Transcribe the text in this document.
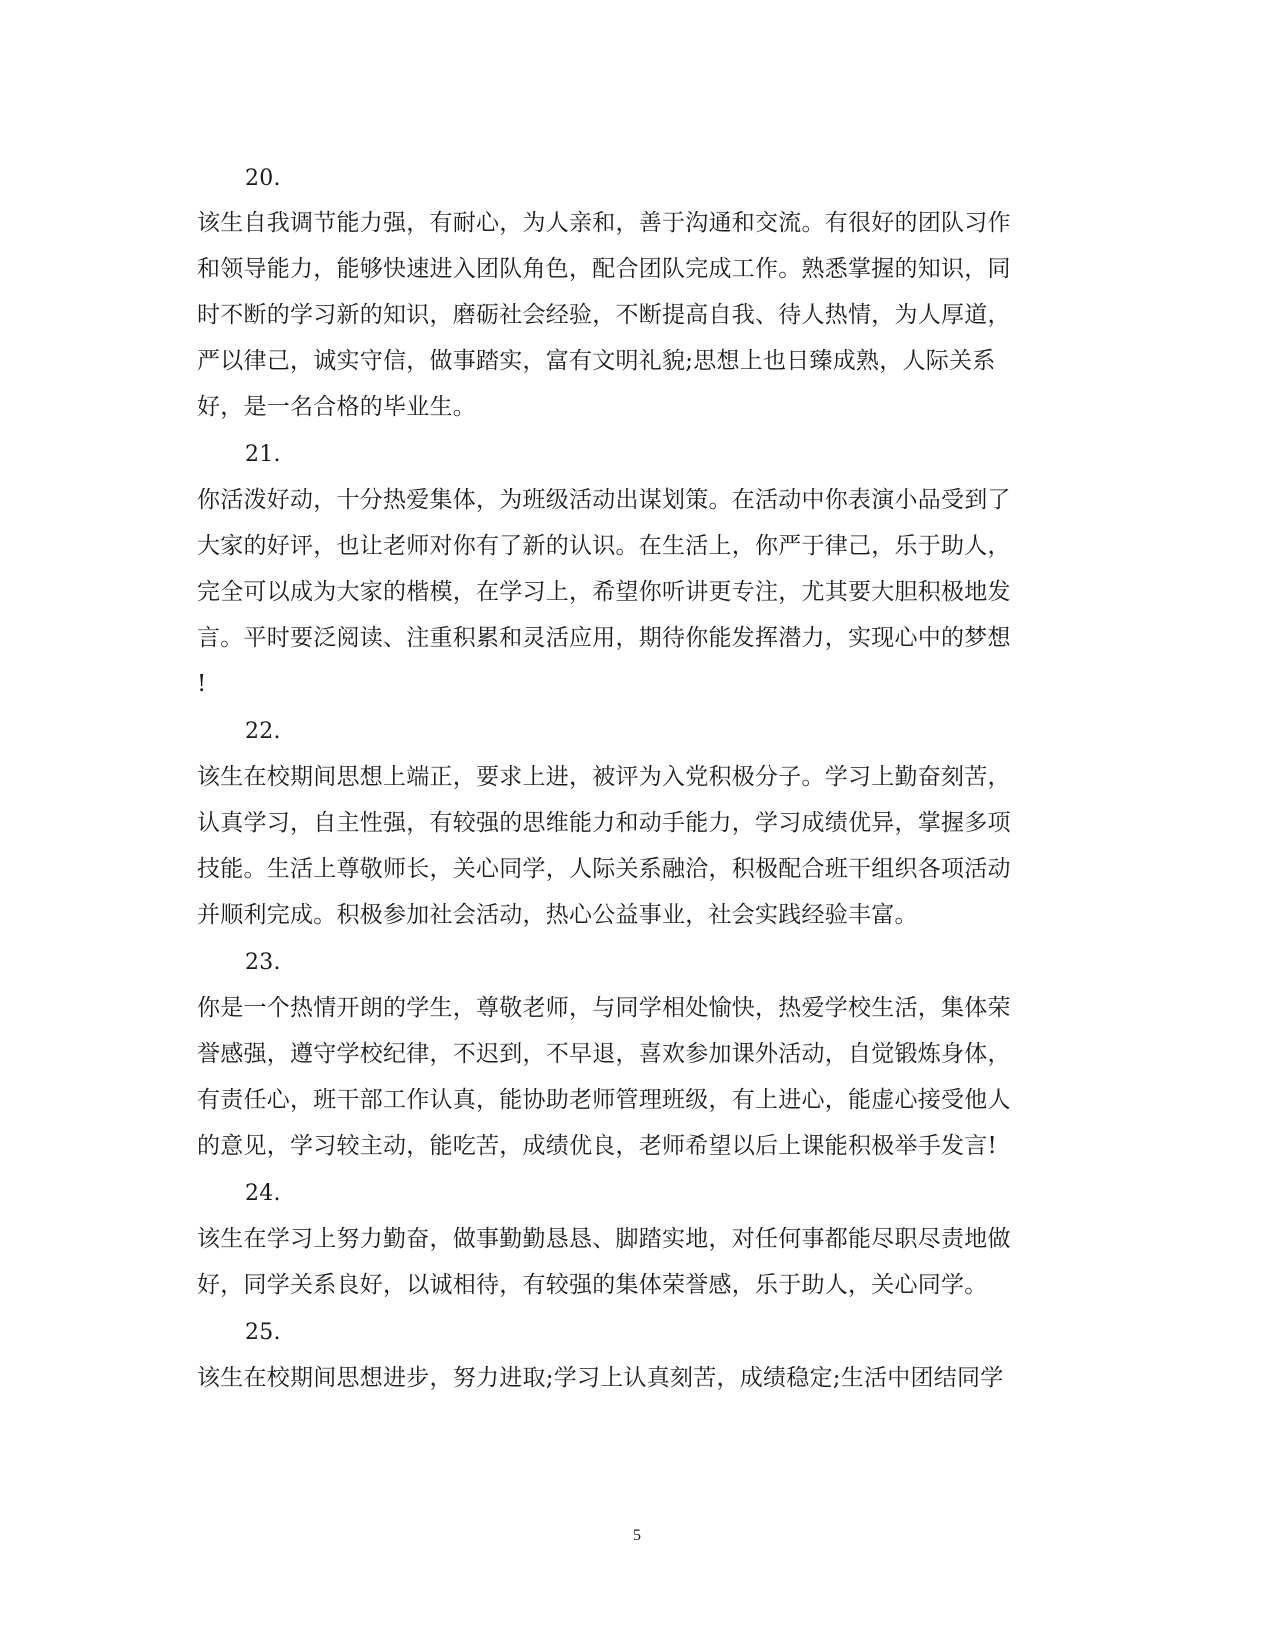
20.
该生自我调节能力强，有耐心，为人亲和，善于沟通和交流。有很好的团队习作
和领导能力，能够快速进入团队角色，配合团队完成工作。熟悉掌握的知识，同
时不断的学习新的知识，磨砺社会经验，不断提高自我、待人热情，为人厚道，
严以律己，诚实守信，做事踏实，富有文明礼貌;思想上也日臻成熟，人际关系
好，是一名合格的毕业生。
21.
你活泼好动，十分热爱集体，为班级活动出谋划策。在活动中你表演小品受到了
大家的好评，也让老师对你有了新的认识。在生活上，你严于律己，乐于助人，
完全可以成为大家的楷模，在学习上，希望你听讲更专注，尤其要大胆积极地发
言。平时要泛阅读、注重积累和灵活应用，期待你能发挥潜力，实现心中的梦想
!
22.
该生在校期间思想上端正，要求上进，被评为入党积极分子。学习上勤奋刻苦，
认真学习，自主性强，有较强的思维能力和动手能力，学习成绩优异，掌握多项
技能。生活上尊敬师长，关心同学，人际关系融洽，积极配合班干组织各项活动
并顺利完成。积极参加社会活动，热心公益事业，社会实践经验丰富。
23.
你是一个热情开朗的学生，尊敬老师，与同学相处愉快，热爱学校生活，集体荣
誉感强，遵守学校纪律，不迟到，不早退，喜欢参加课外活动，自觉锻炼身体，
有责任心，班干部工作认真，能协助老师管理班级，有上进心，能虚心接受他人
的意见，学习较主动，能吃苦，成绩优良，老师希望以后上课能积极举手发言!
24.
该生在学习上努力勤奋，做事勤勤恳恳、脚踏实地，对任何事都能尽职尽责地做
好，同学关系良好，以诚相待，有较强的集体荣誉感，乐于助人，关心同学。
25.
该生在校期间思想进步，努力进取;学习上认真刻苦，成绩稳定;生活中团结同学
5
